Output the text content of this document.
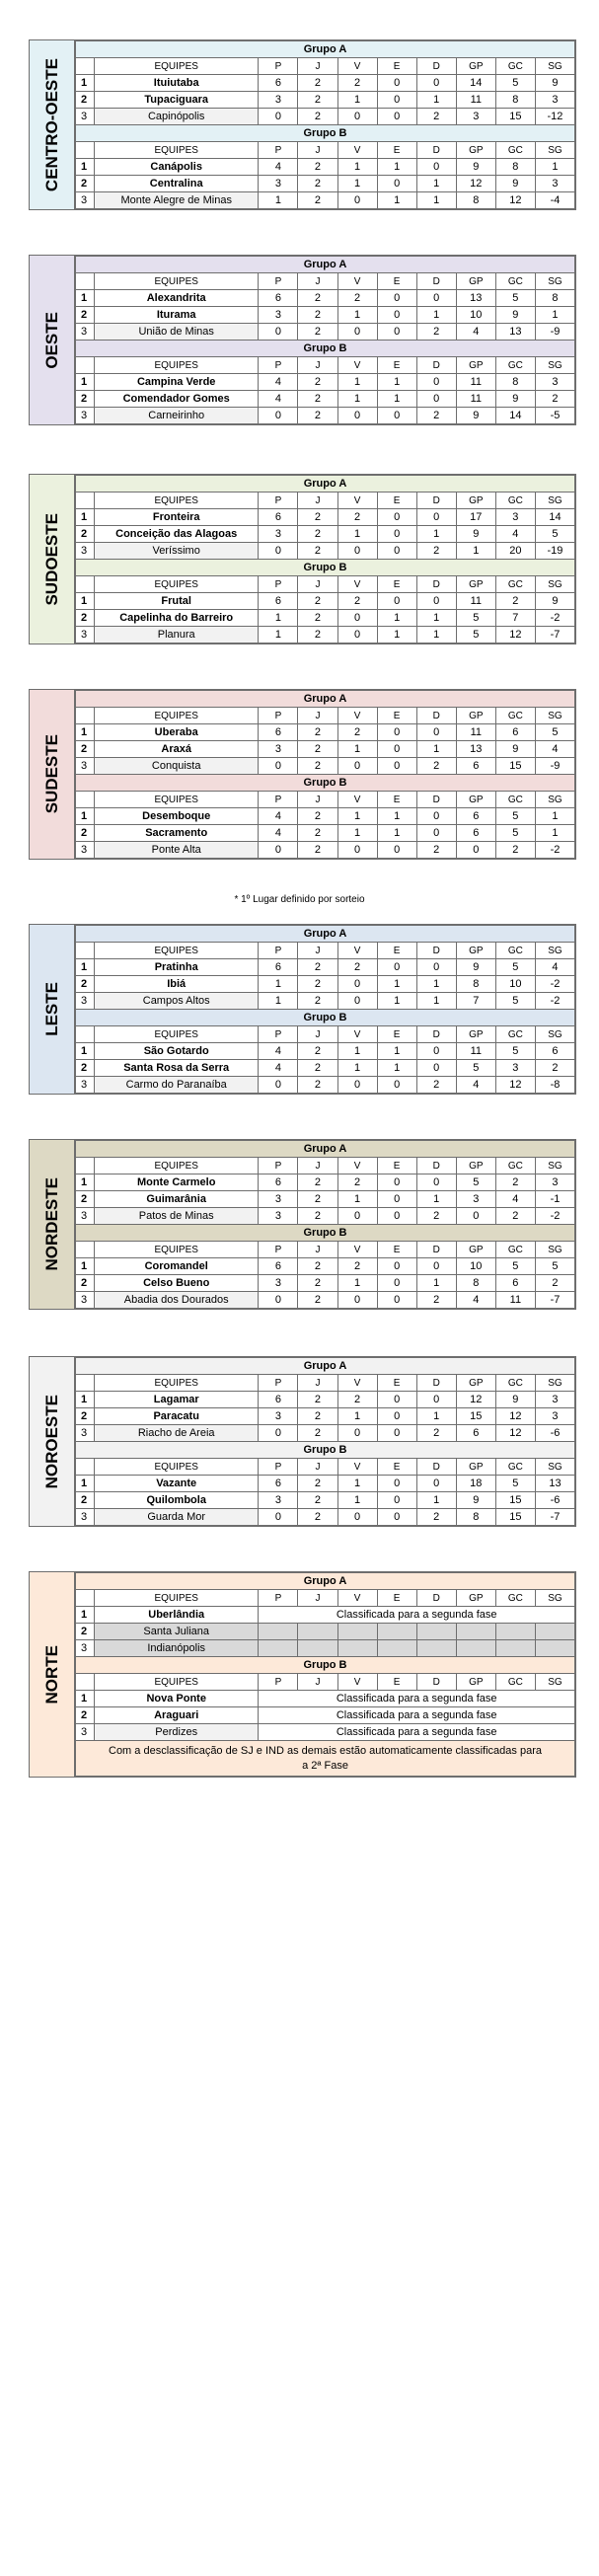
CENTRO-OESTE
Grupo A									
	EQUIPES	P	J	V	E	D	GP	GC	SG
1	Ituiutaba	6	2	2	0	0	14	5	9
2	Tupaciguara	3	2	1	0	1	11	8	3
3	Capinópolis	0	2	0	0	2	3	15	-12
Grupo B									
	EQUIPES	P	J	V	E	D	GP	GC	SG
1	Canápolis	4	2	1	1	0	9	8	1
2	Centralina	3	2	1	0	1	12	9	3
3	Monte Alegre de Minas	1	2	0	1	1	8	12	-4
OESTE
Grupo A									
	EQUIPES	P	J	V	E	D	GP	GC	SG
1	Alexandrita	6	2	2	0	0	13	5	8
2	Iturama	3	2	1	0	1	10	9	1
3	União de Minas	0	2	0	0	2	4	13	-9
Grupo B									
	EQUIPES	P	J	V	E	D	GP	GC	SG
1	Campina Verde	4	2	1	1	0	11	8	3
2	Comendador Gomes	4	2	1	1	0	11	9	2
3	Carneirinho	0	2	0	0	2	9	14	-5
SUDOESTE
Grupo A									
	EQUIPES	P	J	V	E	D	GP	GC	SG
1	Fronteira	6	2	2	0	0	17	3	14
2	Conceição das Alagoas	3	2	1	0	1	9	4	5
3	Veríssimo	0	2	0	0	2	1	20	-19
Grupo B									
	EQUIPES	P	J	V	E	D	GP	GC	SG
1	Frutal	6	2	2	0	0	11	2	9
2	Capelinha do Barreiro	1	2	0	1	1	5	7	-2
3	Planura	1	2	0	1	1	5	12	-7
SUDESTE
Grupo A									
	EQUIPES	P	J	V	E	D	GP	GC	SG
1	Uberaba	6	2	2	0	0	11	6	5
2	Araxá	3	2	1	0	1	13	9	4
3	Conquista	0	2	0	0	2	6	15	-9
Grupo B									
	EQUIPES	P	J	V	E	D	GP	GC	SG
1	Desemboque	4	2	1	1	0	6	5	1
2	Sacramento	4	2	1	1	0	6	5	1
3	Ponte Alta	0	2	0	0	2	0	2	-2
* 1º Lugar definido por sorteio
LESTE
Grupo A									
	EQUIPES	P	J	V	E	D	GP	GC	SG
1	Pratinha	6	2	2	0	0	9	5	4
2	Ibiá	1	2	0	1	1	8	10	-2
3	Campos Altos	1	2	0	1	1	7	5	-2
Grupo B									
	EQUIPES	P	J	V	E	D	GP	GC	SG
1	São Gotardo	4	2	1	1	0	11	5	6
2	Santa Rosa da Serra	4	2	1	1	0	5	3	2
3	Carmo do Paranaíba	0	2	0	0	2	4	12	-8
NORDESTE
Grupo A									
	EQUIPES	P	J	V	E	D	GP	GC	SG
1	Monte Carmelo	6	2	2	0	0	5	2	3
2	Guimarânia	3	2	1	0	1	3	4	-1
3	Patos de Minas	3	2	0	0	2	0	2	-2
Grupo B									
	EQUIPES	P	J	V	E	D	GP	GC	SG
1	Coromandel	6	2	2	0	0	10	5	5
2	Celso Bueno	3	2	1	0	1	8	6	2
3	Abadia dos Dourados	0	2	0	0	2	4	11	-7
NOROESTE
Grupo A									
	EQUIPES	P	J	V	E	D	GP	GC	SG
1	Lagamar	6	2	2	0	0	12	9	3
2	Paracatu	3	2	1	0	1	15	12	3
3	Riacho de Areia	0	2	0	0	2	6	12	-6
Grupo B									
	EQUIPES	P	J	V	E	D	GP	GC	SG
1	Vazante	6	2	1	0	0	18	5	13
2	Quilombola	3	2	1	0	1	9	15	-6
3	Guarda Mor	0	2	0	0	2	8	15	-7
NORTE
Grupo A									
	EQUIPES	P	J	V	E	D	GP	GC	SG
1	Uberlândia	Classificada para a segunda fase							
2	Santa Juliana								
3	Indianópolis								
Grupo B									
	EQUIPES	P	J	V	E	D	GP	GC	SG
1	Nova Ponte	Classificada para a segunda fase							
2	Araguari	Classificada para a segunda fase							
3	Perdizes	Classificada para a segunda fase							
Com a desclassificação de SJ e IND as demais estão automaticamente classificadas para a 2ª Fase									
